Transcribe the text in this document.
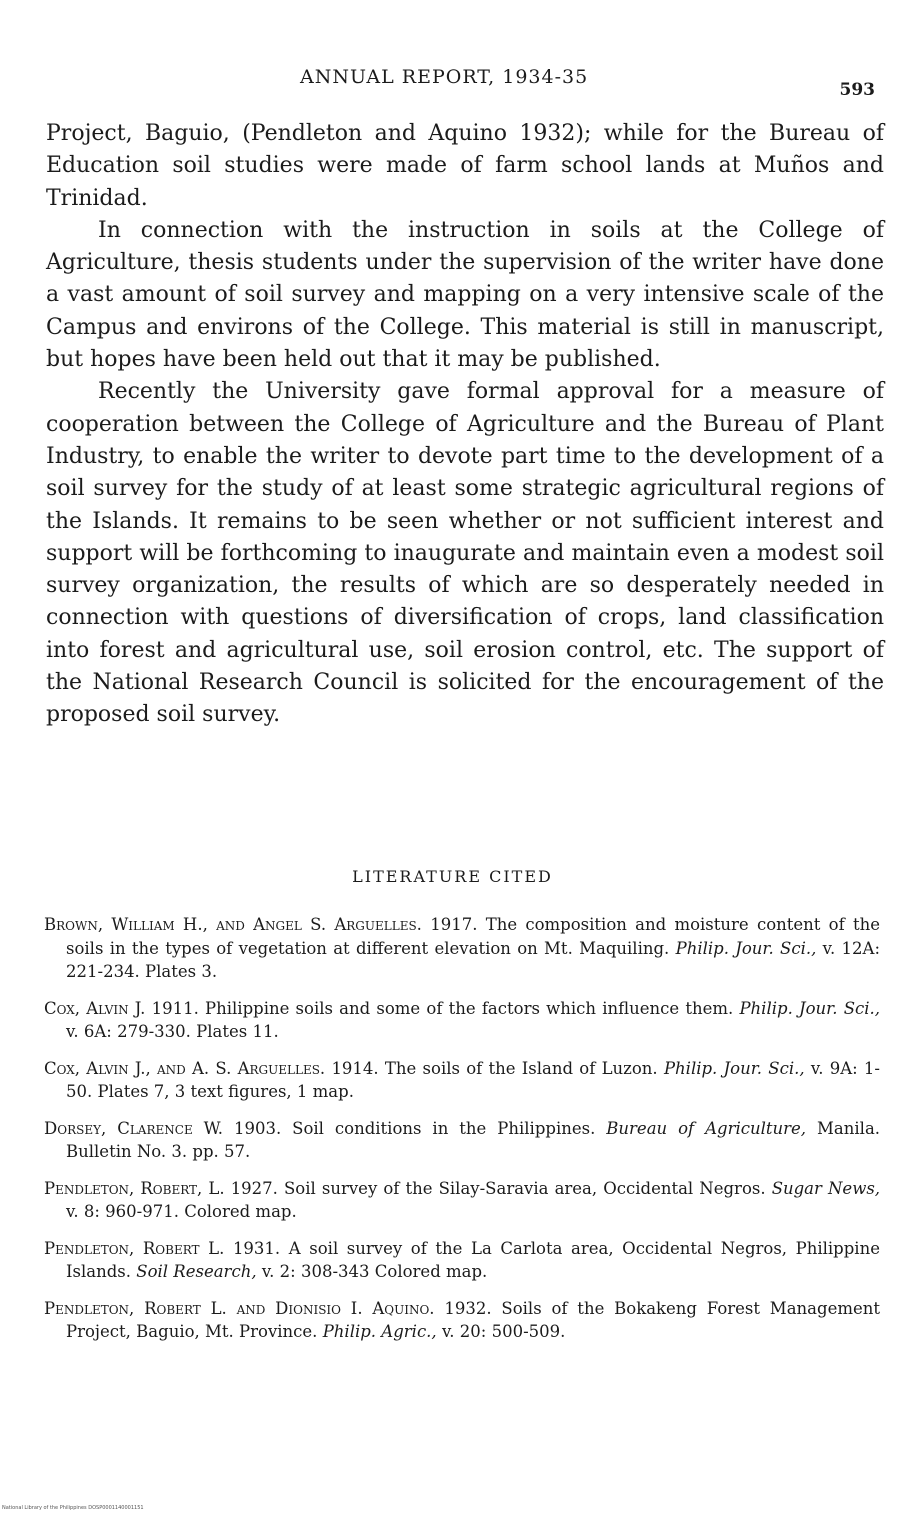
ANNUAL REPORT, 1934-35
593

Project, Baguio, (Pendleton and Aquino 1932); while for the Bureau of Education soil studies were made of farm school lands at Muños and Trinidad.

In connection with the instruction in soils at the College of Agriculture, thesis students under the supervision of the writer have done a vast amount of soil survey and mapping on a very intensive scale of the Campus and environs of the College. This material is still in manuscript, but hopes have been held out that it may be published.

Recently the University gave formal approval for a measure of cooperation between the College of Agriculture and the Bureau of Plant Industry, to enable the writer to devote part time to the development of a soil survey for the study of at least some strategic agricultural regions of the Islands. It remains to be seen whether or not sufficient interest and support will be forthcoming to inaugurate and maintain even a modest soil survey organization, the results of which are so desperately needed in connection with questions of diversification of crops, land classification into forest and agricultural use, soil erosion control, etc. The support of the National Research Council is solicited for the encouragement of the proposed soil survey.

LITERATURE CITED

Brown, William H., and Angel S. Arguelles. 1917. The composition and moisture content of the soils in the types of vegetation at different elevation on Mt. Maquiling. Philip. Jour. Sci., v. 12A: 221-234. Plates 3.

Cox, Alvin J. 1911. Philippine soils and some of the factors which influence them. Philip. Jour. Sci., v. 6A: 279-330. Plates 11.

Cox, Alvin J., and A. S. Arguelles. 1914. The soils of the Island of Luzon. Philip. Jour. Sci., v. 9A: 1-50. Plates 7, 3 text figures, 1 map.

Dorsey, Clarence W. 1903. Soil conditions in the Philippines. Bureau of Agriculture, Manila. Bulletin No. 3. pp. 57.

Pendleton, Robert, L. 1927. Soil survey of the Silay-Saravia area, Occidental Negros. Sugar News, v. 8: 960-971. Colored map.

Pendleton, Robert L. 1931. A soil survey of the La Carlota area, Occidental Negros, Philippine Islands. Soil Research, v. 2: 308-343 Colored map.

Pendleton, Robert L. and Dionisio I. Aquino. 1932. Soils of the Bokakeng Forest Management Project, Baguio, Mt. Province. Philip. Agric., v. 20: 500-509.

National Library of the Philippines DOSP0001140001151
